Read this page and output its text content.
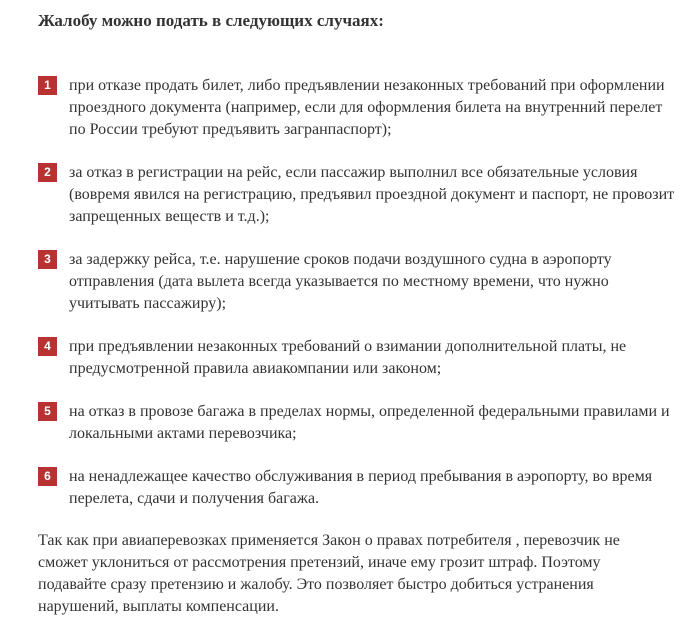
Жалобу можно подать в следующих случаях:
1	при отказе продать билет, либо предъявлении незаконных требований при оформлении проездного документа (например, если для оформления билета на внутренний перелет по России требуют предъявить загранпаспорт);
2	за отказ в регистрации на рейс, если пассажир выполнил все обязательные условия (вовремя явился на регистрацию, предъявил проездной документ и паспорт, не провозит запрещенных веществ и т.д.);
3	за задержку рейса, т.е. нарушение сроков подачи воздушного судна в аэропорту отправления (дата вылета всегда указывается по местному времени, что нужно учитывать пассажиру);
4	при предъявлении незаконных требований о взимании дополнительной платы, не предусмотренной правила авиакомпании или законом;
5	на отказ в провозе багажа в пределах нормы, определенной федеральными правилами и локальными актами перевозчика;
6	на ненадлежащее качество обслуживания в период пребывания в аэропорту, во время перелета, сдачи и получения багажа.

Так как при авиаперевозках применяется Закон о правах потребителя , перевозчик не сможет уклониться от рассмотрения претензий, иначе ему грозит штраф. Поэтому подавайте сразу претензию и жалобу. Это позволяет быстро добиться устранения нарушений, выплаты компенсации.
